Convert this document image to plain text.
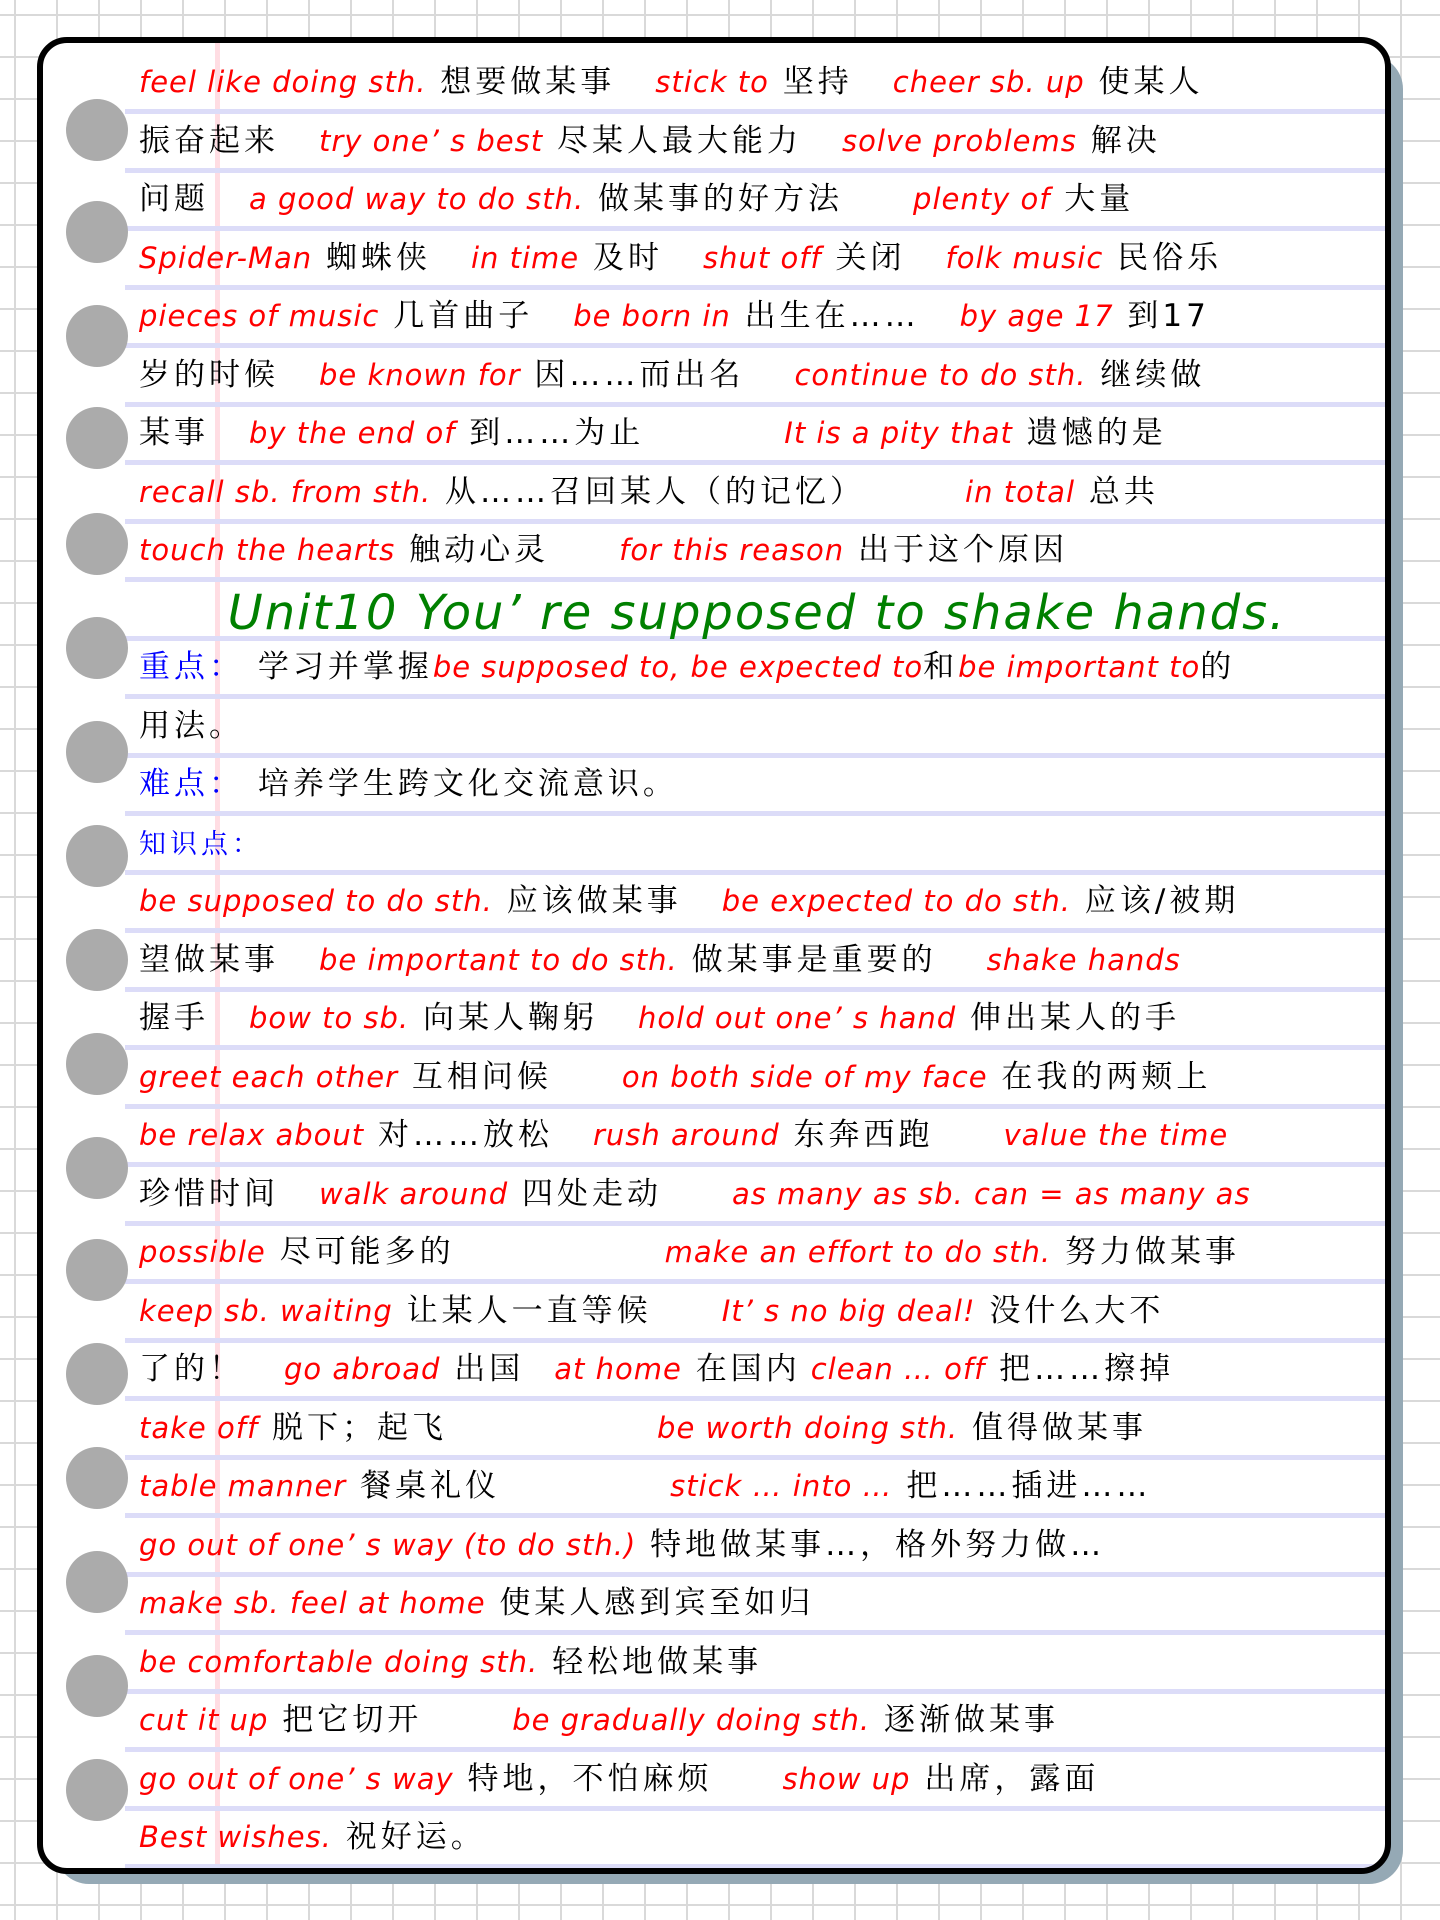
feel like doing sth. 想要做某事 stick to 坚持 cheer sb. up 使某人
振奋起来 try one’ s best 尽某人最大能力 solve problems 解决
问题 a good way to do sth. 做某事的好方法 plenty of 大量
Spider-Man 蜘蛛侠 in time 及时 shut off 关闭 folk music 民俗乐
pieces of music 几首曲子 be born in 出生在…… by age 17 到17
岁的时候 be known for 因……而出名 continue to do sth. 继续做
某事 by the end of 到……为止	It is a pity that 遗憾的是
recall sb. from sth. 从……召回某人（的记忆）	in total 总共
touch the hearts 触动心灵 for this reason 出于这个原因
Unit10 You’ re supposed to shake hands.
重点： 学习并掌握be supposed to, be expected to和be important to的
用法。
难点： 培养学生跨文化交流意识。
知识点：
be supposed to do sth. 应该做某事 be expected to do sth. 应该/被期
望做某事 be important to do sth. 做某事是重要的 shake hands
握手 bow to sb. 向某人鞠躬 hold out one’ s hand 伸出某人的手
greet each other 互相问候 on both side of my face 在我的两颊上
be relax about 对……放松 rush around 东奔西跑 value the time
珍惜时间 walk around 四处走动 as many as sb. can = as many as
possible 尽可能多的	make an effort to do sth. 努力做某事
keep sb. waiting 让某人一直等候 It’ s no big deal! 没什么大不
了的！ go abroad 出国 at home 在国内 clean … off 把……擦掉
take off 脱下；起飞	be worth doing sth. 值得做某事
table manner 餐桌礼仪	stick … into … 把……插进……
go out of one’ s way (to do sth.) 特地做某事…，格外努力做…
make sb. feel at home 使某人感到宾至如归
be comfortable doing sth. 轻松地做某事
cut it up 把它切开	be gradually doing sth. 逐渐做某事
go out of one’ s way 特地，不怕麻烦 show up 出席，露面
Best wishes. 祝好运。
